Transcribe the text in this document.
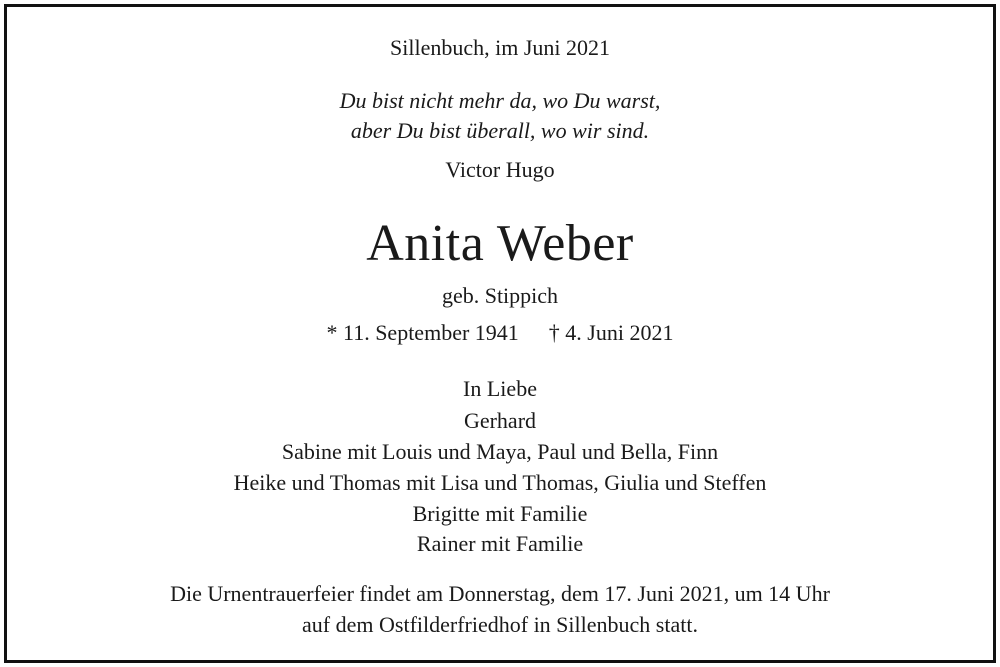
Sillenbuch, im Juni 2021
Du bist nicht mehr da, wo Du warst,
aber Du bist überall, wo wir sind.
Victor Hugo
Anita Weber
geb. Stippich
* 11. September 1941 † 4. Juni 2021
In Liebe
Gerhard
Sabine mit Louis und Maya, Paul und Bella, Finn
Heike und Thomas mit Lisa und Thomas, Giulia und Steffen
Brigitte mit Familie
Rainer mit Familie
Die Urnentrauerfeier findet am Donnerstag, dem 17. Juni 2021, um 14 Uhr
auf dem Ostfilderfriedhof in Sillenbuch statt.
